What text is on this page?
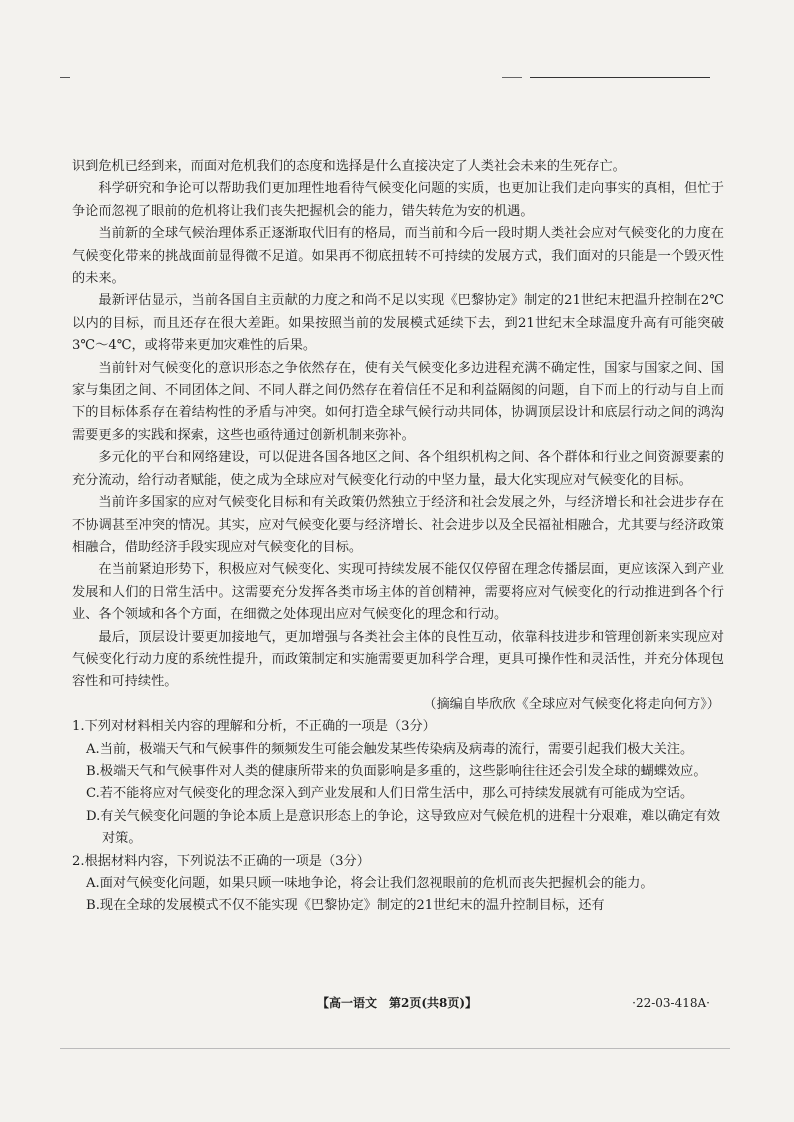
识到危机已经到来，而面对危机我们的态度和选择是什么直接决定了人类社会未来的生死存亡。

科学研究和争论可以帮助我们更加理性地看待气候变化问题的实质，也更加让我们走向事实的真相，但忙于争论而忽视了眼前的危机将让我们丧失把握机会的能力，错失转危为安的机遇。

当前新的全球气候治理体系正逐渐取代旧有的格局，而当前和今后一段时期人类社会应对气候变化的力度在气候变化带来的挑战面前显得微不足道。如果再不彻底扭转不可持续的发展方式，我们面对的只能是一个毁灭性的未来。

最新评估显示，当前各国自主贡献的力度之和尚不足以实现《巴黎协定》制定的21世纪末把温升控制在2℃以内的目标，而且还存在很大差距。如果按照当前的发展模式延续下去，到21世纪末全球温度升高有可能突破3℃～4℃，或将带来更加灾难性的后果。

当前针对气候变化的意识形态之争依然存在，使有关气候变化多边进程充满不确定性，国家与国家之间、国家与集团之间、不同团体之间、不同人群之间仍然存在着信任不足和利益隔阂的问题，自下而上的行动与自上而下的目标体系存在着结构性的矛盾与冲突。如何打造全球气候行动共同体，协调顶层设计和底层行动之间的鸿沟需要更多的实践和探索，这些也亟待通过创新机制来弥补。

多元化的平台和网络建设，可以促进各国各地区之间、各个组织机构之间、各个群体和行业之间资源要素的充分流动，给行动者赋能，使之成为全球应对气候变化行动的中坚力量，最大化实现应对气候变化的目标。

当前许多国家的应对气候变化目标和有关政策仍然独立于经济和社会发展之外，与经济增长和社会进步存在不协调甚至冲突的情况。其实，应对气候变化要与经济增长、社会进步以及全民福祉相融合，尤其要与经济政策相融合，借助经济手段实现应对气候变化的目标。

在当前紧迫形势下，积极应对气候变化、实现可持续发展不能仅仅停留在理念传播层面，更应该深入到产业发展和人们的日常生活中。这需要充分发挥各类市场主体的首创精神，需要将应对气候变化的行动推进到各个行业、各个领域和各个方面，在细微之处体现出应对气候变化的理念和行动。

最后，顶层设计要更加接地气，更加增强与各类社会主体的良性互动，依靠科技进步和管理创新来实现应对气候变化行动力度的系统性提升，而政策制定和实施需要更加科学合理，更具可操作性和灵活性，并充分体现包容性和可持续性。

（摘编自毕欣欣《全球应对气候变化将走向何方》）

1.下列对材料相关内容的理解和分析，不正确的一项是（3分）

A.当前，极端天气和气候事件的频频发生可能会触发某些传染病及病毒的流行，需要引起我们极大关注。

B.极端天气和气候事件对人类的健康所带来的负面影响是多重的，这些影响往往还会引发全球的蝴蝶效应。

C.若不能将应对气候变化的理念深入到产业发展和人们日常生活中，那么可持续发展就有可能成为空话。

D.有关气候变化问题的争论本质上是意识形态上的争论，这导致应对气候危机的进程十分艰难，难以确定有效对策。

2.根据材料内容，下列说法不正确的一项是（3分）

A.面对气候变化问题，如果只顾一味地争论，将会让我们忽视眼前的危机而丧失把握机会的能力。

B.现在全球的发展模式不仅不能实现《巴黎协定》制定的21世纪末的温升控制目标，还有

【高一语文　第2页(共8页)】	·22-03-418A·
